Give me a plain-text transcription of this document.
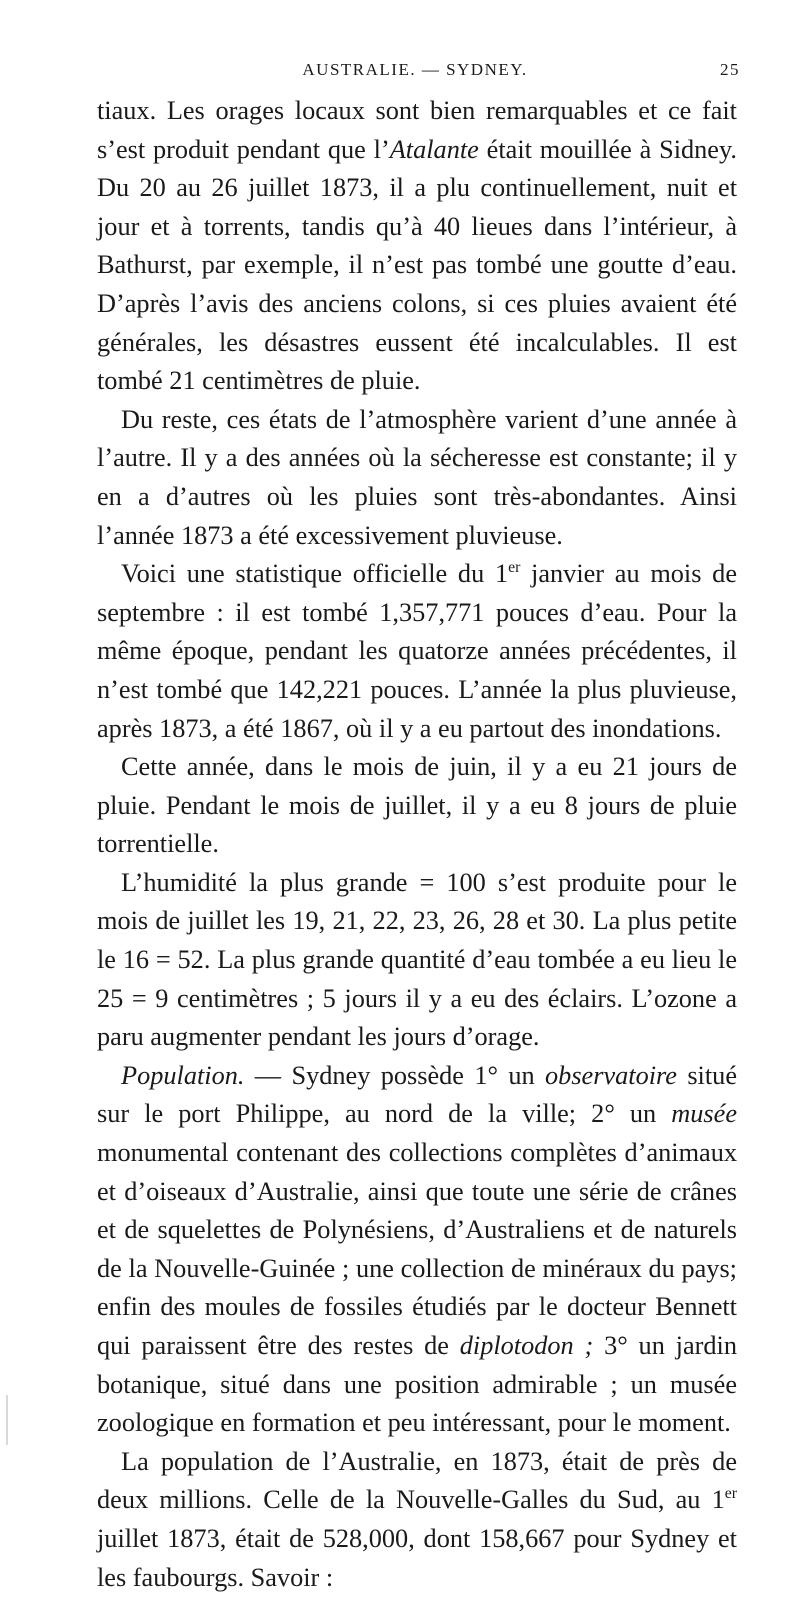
AUSTRALIE. — SYDNEY.	25

tiaux. Les orages locaux sont bien remarquables et ce fait s’est produit pendant que l’Atalante était mouillée à Sidney. Du 20 au 26 juillet 1873, il a plu continuellement, nuit et jour et à torrents, tandis qu’à 40 lieues dans l’intérieur, à Bathurst, par exemple, il n’est pas tombé une goutte d’eau. D’après l’avis des anciens colons, si ces pluies avaient été générales, les désastres eussent été incalculables. Il est tombé 21 centimètres de pluie.

Du reste, ces états de l’atmosphère varient d’une année à l’autre. Il y a des années où la sécheresse est constante; il y en a d’autres où les pluies sont très-abondantes. Ainsi l’année 1873 a été excessivement pluvieuse.

Voici une statistique officielle du 1er janvier au mois de septembre : il est tombé 1,357,771 pouces d’eau. Pour la même époque, pendant les quatorze années précédentes, il n’est tombé que 142,221 pouces. L’année la plus pluvieuse, après 1873, a été 1867, où il y a eu partout des inondations.

Cette année, dans le mois de juin, il y a eu 21 jours de pluie. Pendant le mois de juillet, il y a eu 8 jours de pluie torrentielle.

L’humidité la plus grande = 100 s’est produite pour le mois de juillet les 19, 21, 22, 23, 26, 28 et 30. La plus petite le 16 = 52. La plus grande quantité d’eau tombée a eu lieu le 25 = 9 centimètres ; 5 jours il y a eu des éclairs. L’ozone a paru augmenter pendant les jours d’orage.

Population. — Sydney possède 1° un observatoire situé sur le port Philippe, au nord de la ville; 2° un musée monumental contenant des collections complètes d’animaux et d’oiseaux d’Australie, ainsi que toute une série de crânes et de squelettes de Polynésiens, d’Australiens et de naturels de la Nouvelle-Guinée ; une collection de minéraux du pays; enfin des moules de fossiles étudiés par le docteur Bennett qui paraissent être des restes de diplotodon ; 3° un jardin botanique, situé dans une position admirable ; un musée zoologique en formation et peu intéressant, pour le moment.

La population de l’Australie, en 1873, était de près de deux millions. Celle de la Nouvelle-Galles du Sud, au 1er juillet 1873, était de 528,000, dont 158,667 pour Sydney et les faubourgs. Savoir :
